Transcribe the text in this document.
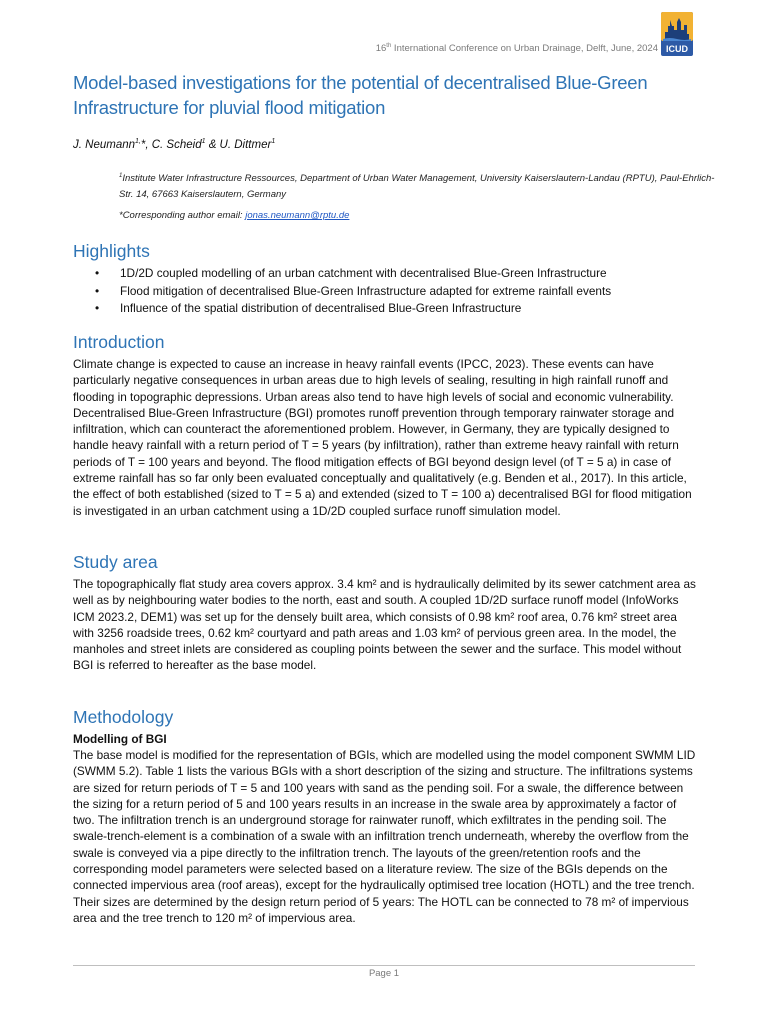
16th International Conference on Urban Drainage, Delft, June, 2024 ICUD
Model-based investigations for the potential of decentralised Blue-Green Infrastructure for pluvial flood mitigation
J. Neumann$^{1,}$*, C. Scheid$^1$ & U. Dittmer$^1$
$^1$Institute Water Infrastructure Ressources, Department of Urban Water Management, University Kaiserslautern-Landau (RPTU), Paul-Ehrlich-Str. 14, 67663 Kaiserslautern, Germany
*Corresponding author email: jonas.neumann@rptu.de
Highlights
• 1D/2D coupled modelling of an urban catchment with decentralised Blue-Green Infrastructure
• Flood mitigation of decentralised Blue-Green Infrastructure adapted for extreme rainfall events
• Influence of the spatial distribution of decentralised Blue-Green Infrastructure
Introduction

Climate change is expected to cause an increase in heavy rainfall events (IPCC, 2023). These events can have particularly negative consequences in urban areas due to high levels of sealing, resulting in high rainfall runoff and flooding in topographic depressions. Urban areas also tend to have high levels of social and economic vulnerability. Decentralised Blue-Green Infrastructure (BGI) promotes runoff prevention through temporary rainwater storage and infiltration, which can counteract the aforementioned problem. However, in Germany, they are typically designed to handle heavy rainfall with a return period of T = 5 years (by infiltration), rather than extreme heavy rainfall with return periods of T = 100 years and beyond. The flood mitigation effects of BGI beyond design level (of T = 5 a) in case of extreme rainfall has so far only been evaluated conceptually and qualitatively (e.g. Benden et al., 2017). In this article, the effect of both established (sized to T = 5 a) and extended (sized to T = 100 a) decentralised BGI for flood mitigation is investigated in an urban catchment using a 1D/2D coupled surface runoff simulation model.

Study area

The topographically flat study area covers approx. 3.4 km² and is hydraulically delimited by its sewer catchment area as well as by neighbouring water bodies to the north, east and south. A coupled 1D/2D surface runoff model (InfoWorks ICM 2023.2, DEM1) was set up for the densely built area, which consists of 0.98 km² roof area, 0.76 km² street area with 3256 roadside trees, 0.62 km² courtyard and path areas and 1.03 km² of pervious green area. In the model, the manholes and street inlets are considered as coupling points between the sewer and the surface. This model without BGI is referred to hereafter as the base model.

Methodology
Modelling of BGI

The base model is modified for the representation of BGIs, which are modelled using the model component SWMM LID (SWMM 5.2). Table 1 lists the various BGIs with a short description of the sizing and structure. The infiltrations systems are sized for return periods of T = 5 and 100 years with sand as the pending soil. For a swale, the difference between the sizing for a return period of 5 and 100 years results in an increase in the swale area by approximately a factor of two. The infiltration trench is an underground storage for rainwater runoff, which exfiltrates in the pending soil. The swale-trench-element is a combination of a swale with an infiltration trench underneath, whereby the overflow from the swale is conveyed via a pipe directly to the infiltration trench. The layouts of the green/retention roofs and the corresponding model parameters were selected based on a literature review. The size of the BGIs depends on the connected impervious area (roof areas), except for the hydraulically optimised tree location (HOTL) and the tree trench. Their sizes are determined by the design return period of 5 years: The HOTL can be connected to 78 m² of impervious area and the tree trench to 120 m² of impervious area.

Page 1
